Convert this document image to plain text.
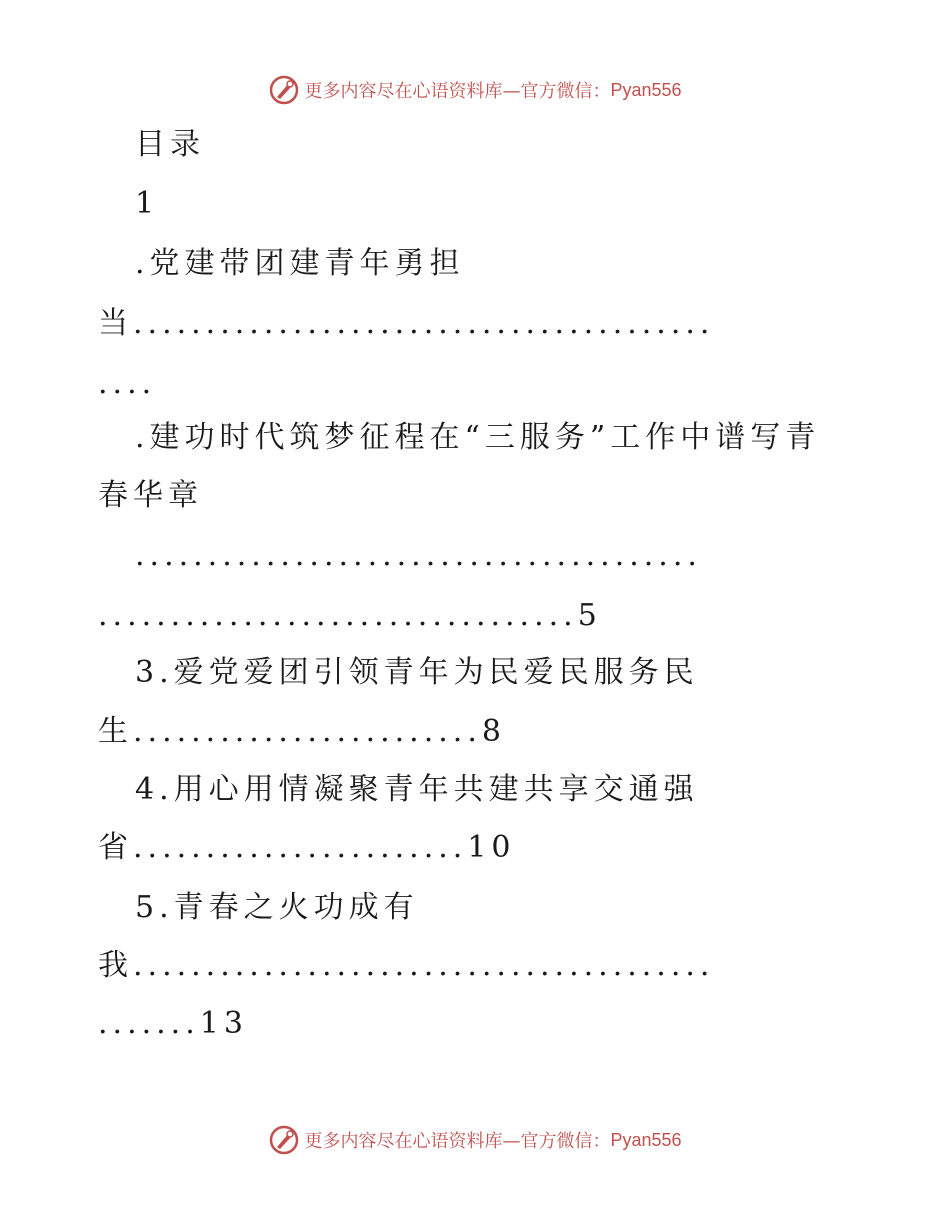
更多内容尽在心语资料库 —官方微信： Pyan556
目录
1
.党建带团建青年勇担
当........................................
....
.建功时代筑梦征程在“三服务”工作中谱写青
春华章
.......................................
.................................5
3.爱党爱团引领青年为民爱民服务民
生........................8
4.用心用情凝聚青年共建共享交通强
省.......................10
5.青春之火功成有
我........................................
.......13
更多内容尽在心语资料库 —官方微信： Pyan556
